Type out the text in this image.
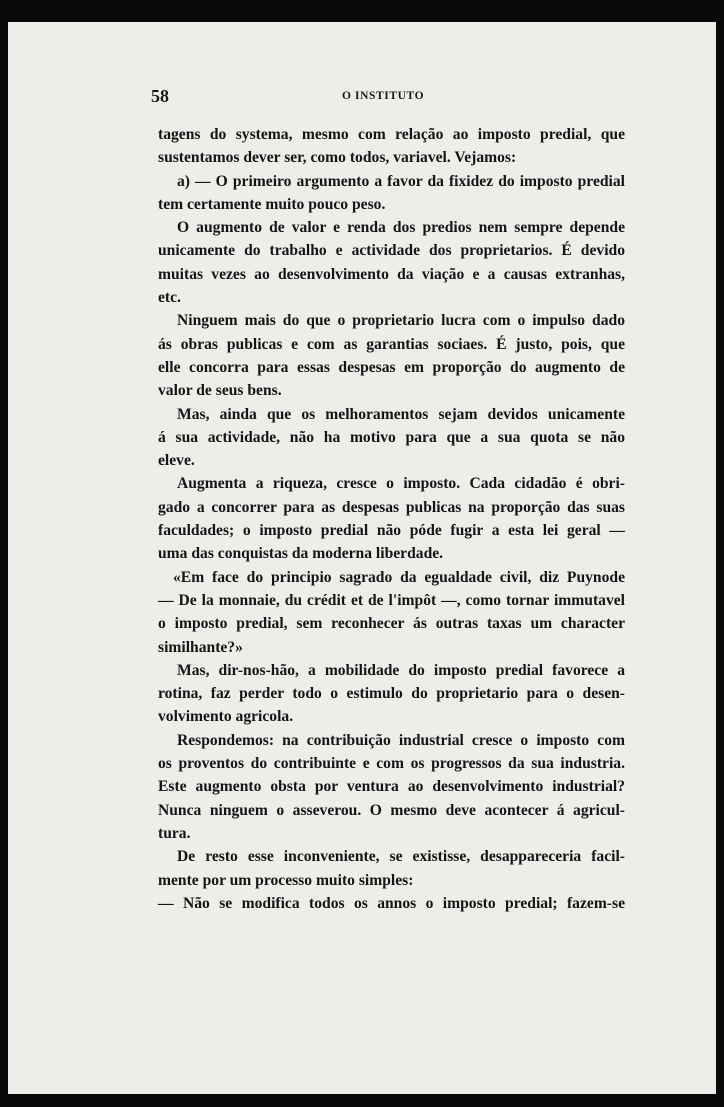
58	O INSTITUTO
tagens do systema, mesmo com relação ao imposto predial, que
sustentamos dever ser, como todos, variavel. Vejamos:
a) — O primeiro argumento a favor da fixidez do imposto predial
tem certamente muito pouco peso.
O augmento de valor e renda dos predios nem sempre depende
unicamente do trabalho e actividade dos proprietarios. É devido
muitas vezes ao desenvolvimento da viação e a causas extranhas,
etc.
Ninguem mais do que o proprietario lucra com o impulso dado
ás obras publicas e com as garantias sociaes. É justo, pois, que
elle concorra para essas despesas em proporção do augmento de
valor de seus bens.
Mas, ainda que os melhoramentos sejam devidos unicamente
á sua actividade, não ha motivo para que a sua quota se não
eleve.
Augmenta a riqueza, cresce o imposto. Cada cidadão é obri-
gado a concorrer para as despesas publicas na proporção das suas
faculdades; o imposto predial não póde fugir a esta lei geral —
uma das conquistas da moderna liberdade.
«Em face do principio sagrado da egualdade civil, diz Puynode
— De la monnaie, du crédit et de l'impôt —, como tornar immutavel
o imposto predial, sem reconhecer ás outras taxas um character
similhante?»
Mas, dir-nos-hão, a mobilidade do imposto predial favorece a
rotina, faz perder todo o estimulo do proprietario para o desen-
volvimento agricola.
Respondemos: na contribuição industrial cresce o imposto com
os proventos do contribuinte e com os progressos da sua industria.
Este augmento obsta por ventura ao desenvolvimento industrial?
Nunca ninguem o asseverou. O mesmo deve acontecer á agricul-
tura.
De resto esse inconveniente, se existisse, desappareceria facil-
mente por um processo muito simples:
— Não se modifica todos os annos o imposto predial; fazem-se
